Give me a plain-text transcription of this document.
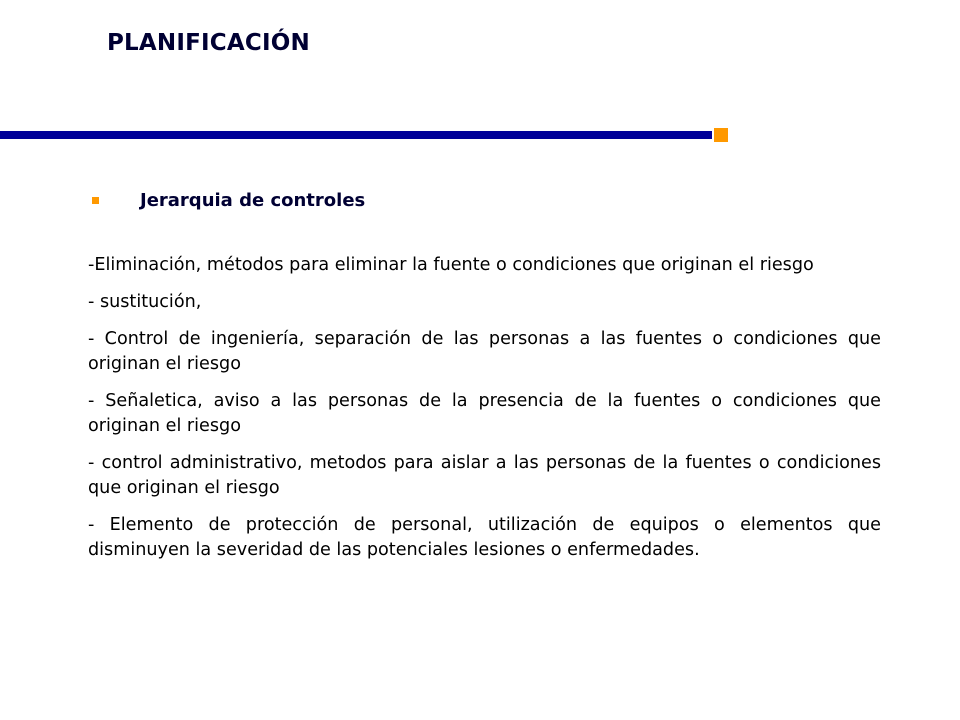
PLANIFICACIÓN
Jerarquia de controles

-Eliminación, métodos para eliminar la fuente o condiciones que originan el riesgo

- sustitución,

- Control de ingeniería, separación de las personas a las fuentes o condiciones que originan el riesgo

- Señaletica, aviso a las personas de la presencia de la fuentes o condiciones que originan el riesgo

- control administrativo, metodos para aislar a las personas de la fuentes o condiciones que originan el riesgo

- Elemento de protección de personal, utilización de equipos o elementos que disminuyen la severidad de las potenciales lesiones o enfermedades.
